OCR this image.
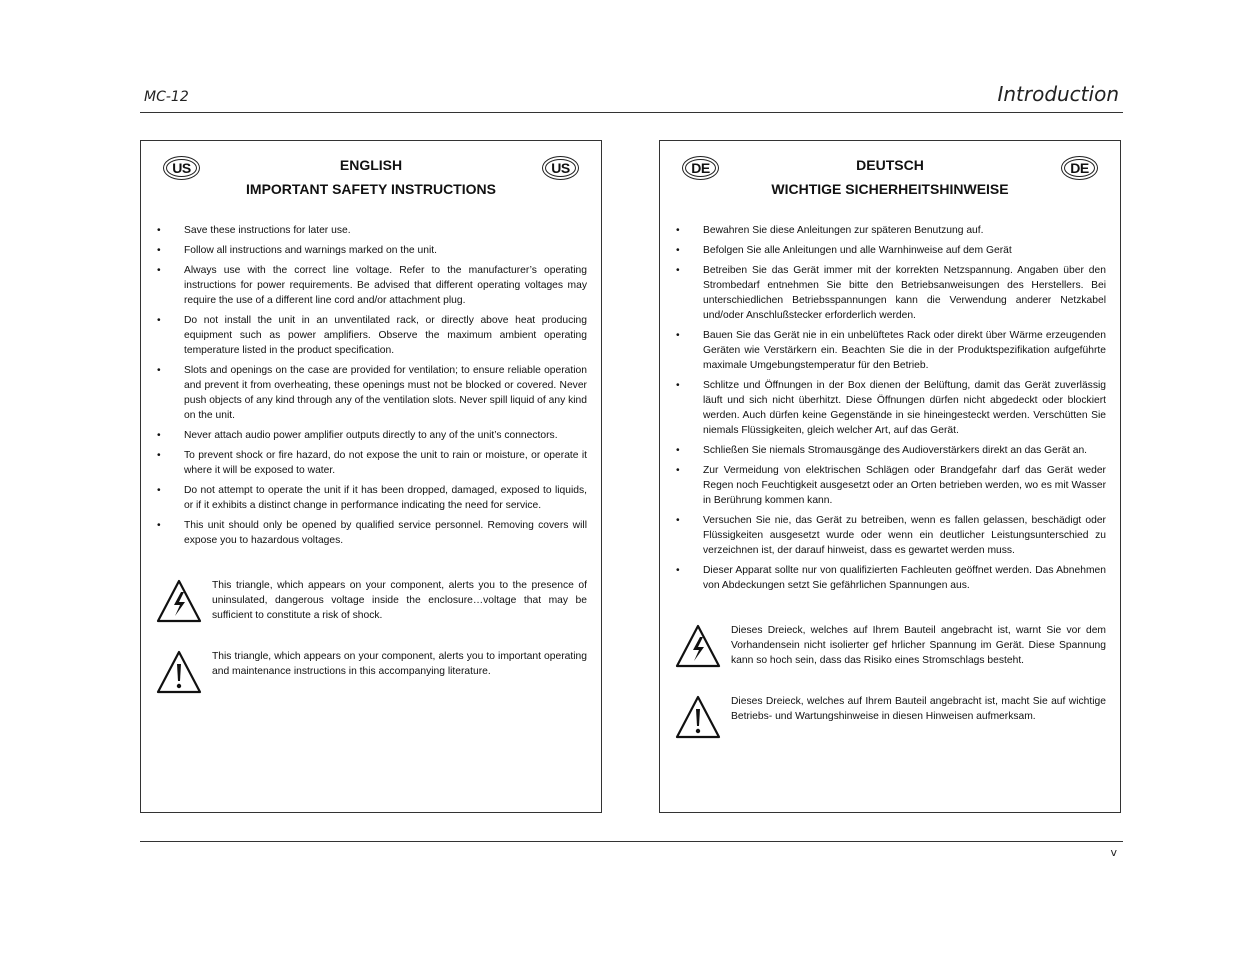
MC-12	Introduction
US	US
ENGLISH
IMPORTANT SAFETY INSTRUCTIONS
• Save these instructions for later use.
• Follow all instructions and warnings marked on the unit.
• Always use with the correct line voltage. Refer to the manufacturer’s operating instructions for power requirements. Be advised that different operating voltages may require the use of a different line cord and/or attachment plug.
• Do not install the unit in an unventilated rack, or directly above heat producing equipment such as power amplifiers. Observe the maximum ambient operating temperature listed in the product specification.
• Slots and openings on the case are provided for ventilation; to ensure reliable operation and prevent it from overheating, these openings must not be blocked or covered. Never push objects of any kind through any of the ventilation slots. Never spill liquid of any kind on the unit.
• Never attach audio power amplifier outputs directly to any of the unit’s connectors.
• To prevent shock or fire hazard, do not expose the unit to rain or moisture, or operate it where it will be exposed to water.
• Do not attempt to operate the unit if it has been dropped, damaged, exposed to liquids, or if it exhibits a distinct change in performance indicating the need for service.
• This unit should only be opened by qualified service personnel. Removing covers will expose you to hazardous voltages.

This triangle, which appears on your component, alerts you to the presence of uninsulated, dangerous voltage inside the enclosure…voltage that may be sufficient to constitute a risk of shock.

This triangle, which appears on your component, alerts you to important operating and maintenance instructions in this accompanying literature.

DE	DE
DEUTSCH
WICHTIGE SICHERHEITSHINWEISE
• Bewahren Sie diese Anleitungen zur späteren Benutzung auf.
• Befolgen Sie alle Anleitungen und alle Warnhinweise auf dem Gerät
• Betreiben Sie das Gerät immer mit der korrekten Netzspannung. Angaben über den Strombedarf entnehmen Sie bitte den Betriebsanweisungen des Herstellers. Bei unterschiedlichen Betriebsspannungen kann die Verwendung anderer Netzkabel und/oder Anschlußstecker erforderlich werden.
• Bauen Sie das Gerät nie in ein unbelüftetes Rack oder direkt über Wärme erzeugenden Geräten wie Verstärkern ein. Beachten Sie die in der Produktspezifikation aufgeführte maximale Umgebungstemperatur für den Betrieb.
• Schlitze und Öffnungen in der Box dienen der Belüftung, damit das Gerät zuverlässig läuft und sich nicht überhitzt. Diese Öffnungen dürfen nicht abgedeckt oder blockiert werden. Auch dürfen keine Gegenstände in sie hineingesteckt werden. Verschütten Sie niemals Flüssigkeiten, gleich welcher Art, auf das Gerät.
• Schließen Sie niemals Stromausgänge des Audioverstärkers direkt an das Gerät an.
• Zur Vermeidung von elektrischen Schlägen oder Brandgefahr darf das Gerät weder Regen noch Feuchtigkeit ausgesetzt oder an Orten betrieben werden, wo es mit Wasser in Berührung kommen kann.
• Versuchen Sie nie, das Gerät zu betreiben, wenn es fallen gelassen, beschädigt oder Flüssigkeiten ausgesetzt wurde oder wenn ein deutlicher Leistungsunterschied zu verzeichnen ist, der darauf hinweist, dass es gewartet werden muss.
• Dieser Apparat sollte nur von qualifizierten Fachleuten geöffnet werden. Das Abnehmen von Abdeckungen setzt Sie gefährlichen Spannungen aus.

Dieses Dreieck, welches auf Ihrem Bauteil angebracht ist, warnt Sie vor dem Vorhandensein nicht isolierter gef hrlicher Spannung im Gerät. Diese Spannung kann so hoch sein, dass das Risiko eines Stromschlags besteht.

Dieses Dreieck, welches auf Ihrem Bauteil angebracht ist, macht Sie auf wichtige Betriebs- und Wartungshinweise in diesen Hinweisen aufmerksam.

v
